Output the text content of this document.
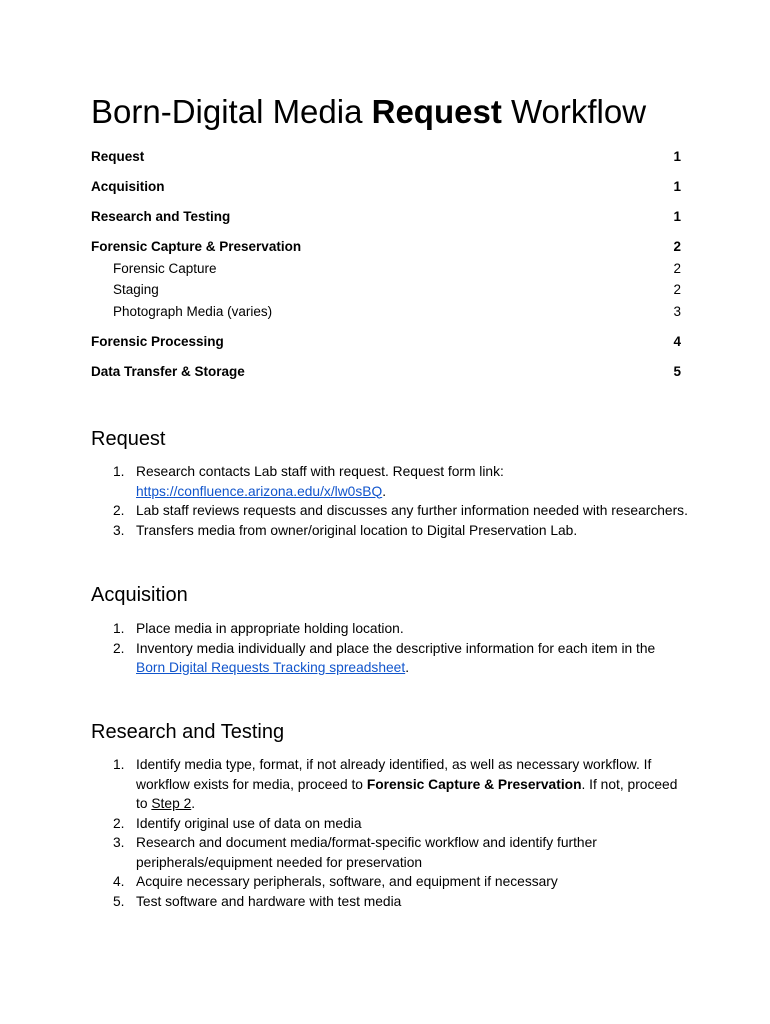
Born-Digital Media Request Workflow
Request	1
Acquisition	1
Research and Testing	1
Forensic Capture & Preservation	2
Forensic Capture	2
Staging	2
Photograph Media (varies)	3
Forensic Processing	4
Data Transfer & Storage	5
Request
1. Research contacts Lab staff with request. Request form link:
https://confluence.arizona.edu/x/lw0sBQ.
2. Lab staff reviews requests and discusses any further information needed with researchers.
3. Transfers media from owner/original location to Digital Preservation Lab.
Acquisition
1. Place media in appropriate holding location.
2. Inventory media individually and place the descriptive information for each item in the
Born Digital Requests Tracking spreadsheet.
Research and Testing
1. Identify media type, format, if not already identified, as well as necessary workflow. If workflow exists for media, proceed to Forensic Capture & Preservation. If not, proceed to Step 2.
2. Identify original use of data on media
3. Research and document media/format-specific workflow and identify further peripherals/equipment needed for preservation
4. Acquire necessary peripherals, software, and equipment if necessary
5. Test software and hardware with test media
